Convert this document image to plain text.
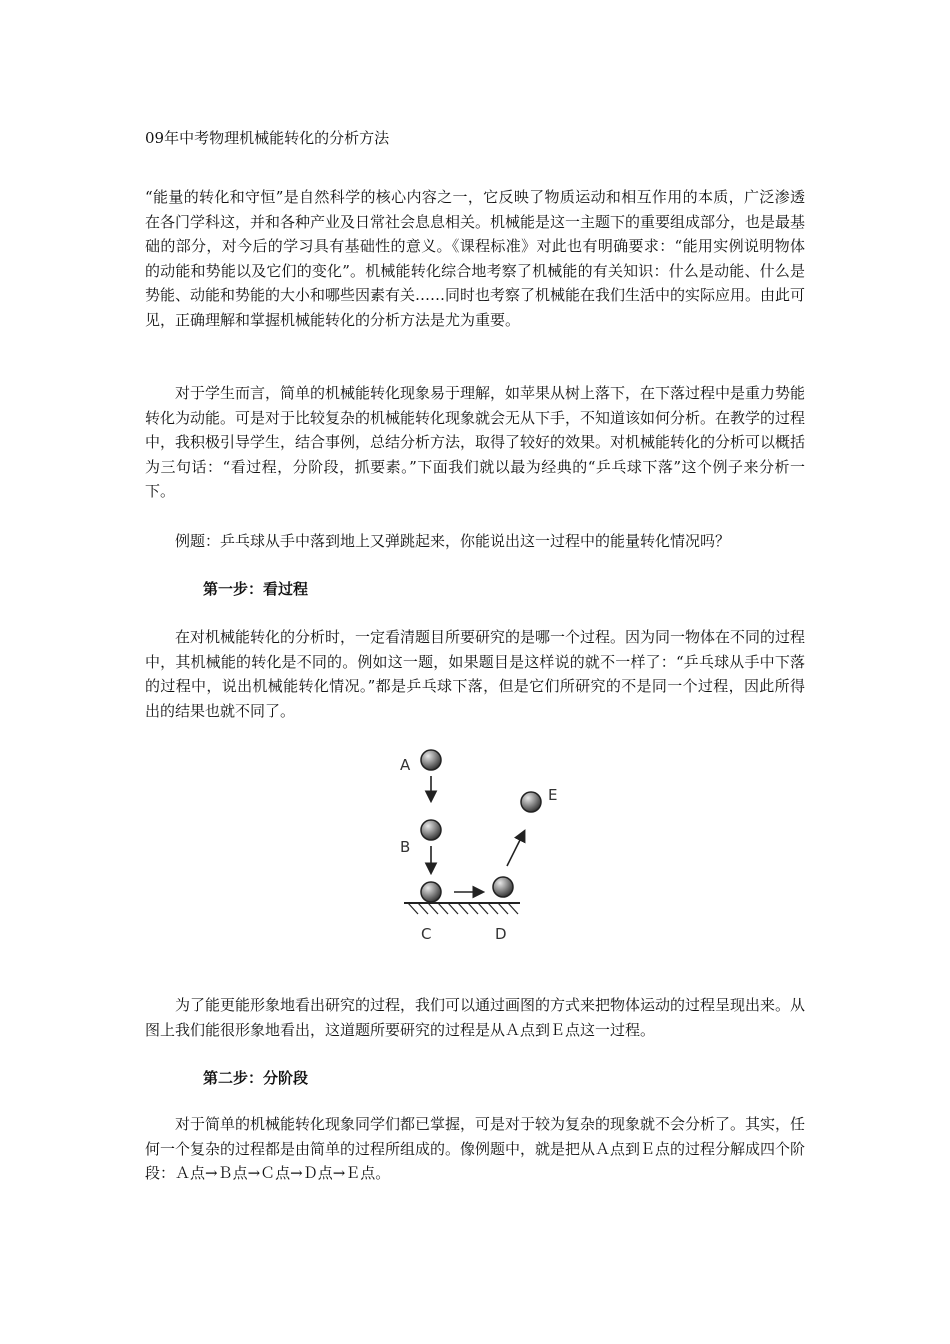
09年中考物理机械能转化的分析方法

“能量的转化和守恒”是自然科学的核心内容之一，它反映了物质运动和相互作用的本质，广泛渗透在各门学科这，并和各种产业及日常社会息息相关。机械能是这一主题下的重要组成部分，也是最基础的部分，对今后的学习具有基础性的意义。《课程标准》对此也有明确要求：“能用实例说明物体的动能和势能以及它们的变化”。机械能转化综合地考察了机械能的有关知识：什么是动能、什么是势能、动能和势能的大小和哪些因素有关……同时也考察了机械能在我们生活中的实际应用。由此可见，正确理解和掌握机械能转化的分析方法是尤为重要。

对于学生而言，简单的机械能转化现象易于理解，如苹果从树上落下，在下落过程中是重力势能转化为动能。可是对于比较复杂的机械能转化现象就会无从下手，不知道该如何分析。在教学的过程中，我积极引导学生，结合事例，总结分析方法，取得了较好的效果。对机械能转化的分析可以概括为三句话：“看过程，分阶段，抓要素。”下面我们就以最为经典的“乒乓球下落”这个例子来分析一下。

例题：乒乓球从手中落到地上又弹跳起来，你能说出这一过程中的能量转化情况吗？

第一步：看过程

在对机械能转化的分析时，一定看清题目所要研究的是哪一个过程。因为同一物体在不同的过程中，其机械能的转化是不同的。例如这一题，如果题目是这样说的就不一样了：“乒乓球从手中下落的过程中，说出机械能转化情况。”都是乒乓球下落，但是它们所研究的不是同一个过程，因此所得出的结果也就不同了。

A
B
C	D
E

为了能更能形象地看出研究的过程，我们可以通过画图的方式来把物体运动的过程呈现出来。从图上我们能很形象地看出，这道题所要研究的过程是从Ａ点到Ｅ点这一过程。

第二步：分阶段

对于简单的机械能转化现象同学们都已掌握，可是对于较为复杂的现象就不会分析了。其实，任何一个复杂的过程都是由简单的过程所组成的。像例题中，就是把从Ａ点到Ｅ点的过程分解成四个阶段：Ａ点→Ｂ点→Ｃ点→Ｄ点→Ｅ点。
